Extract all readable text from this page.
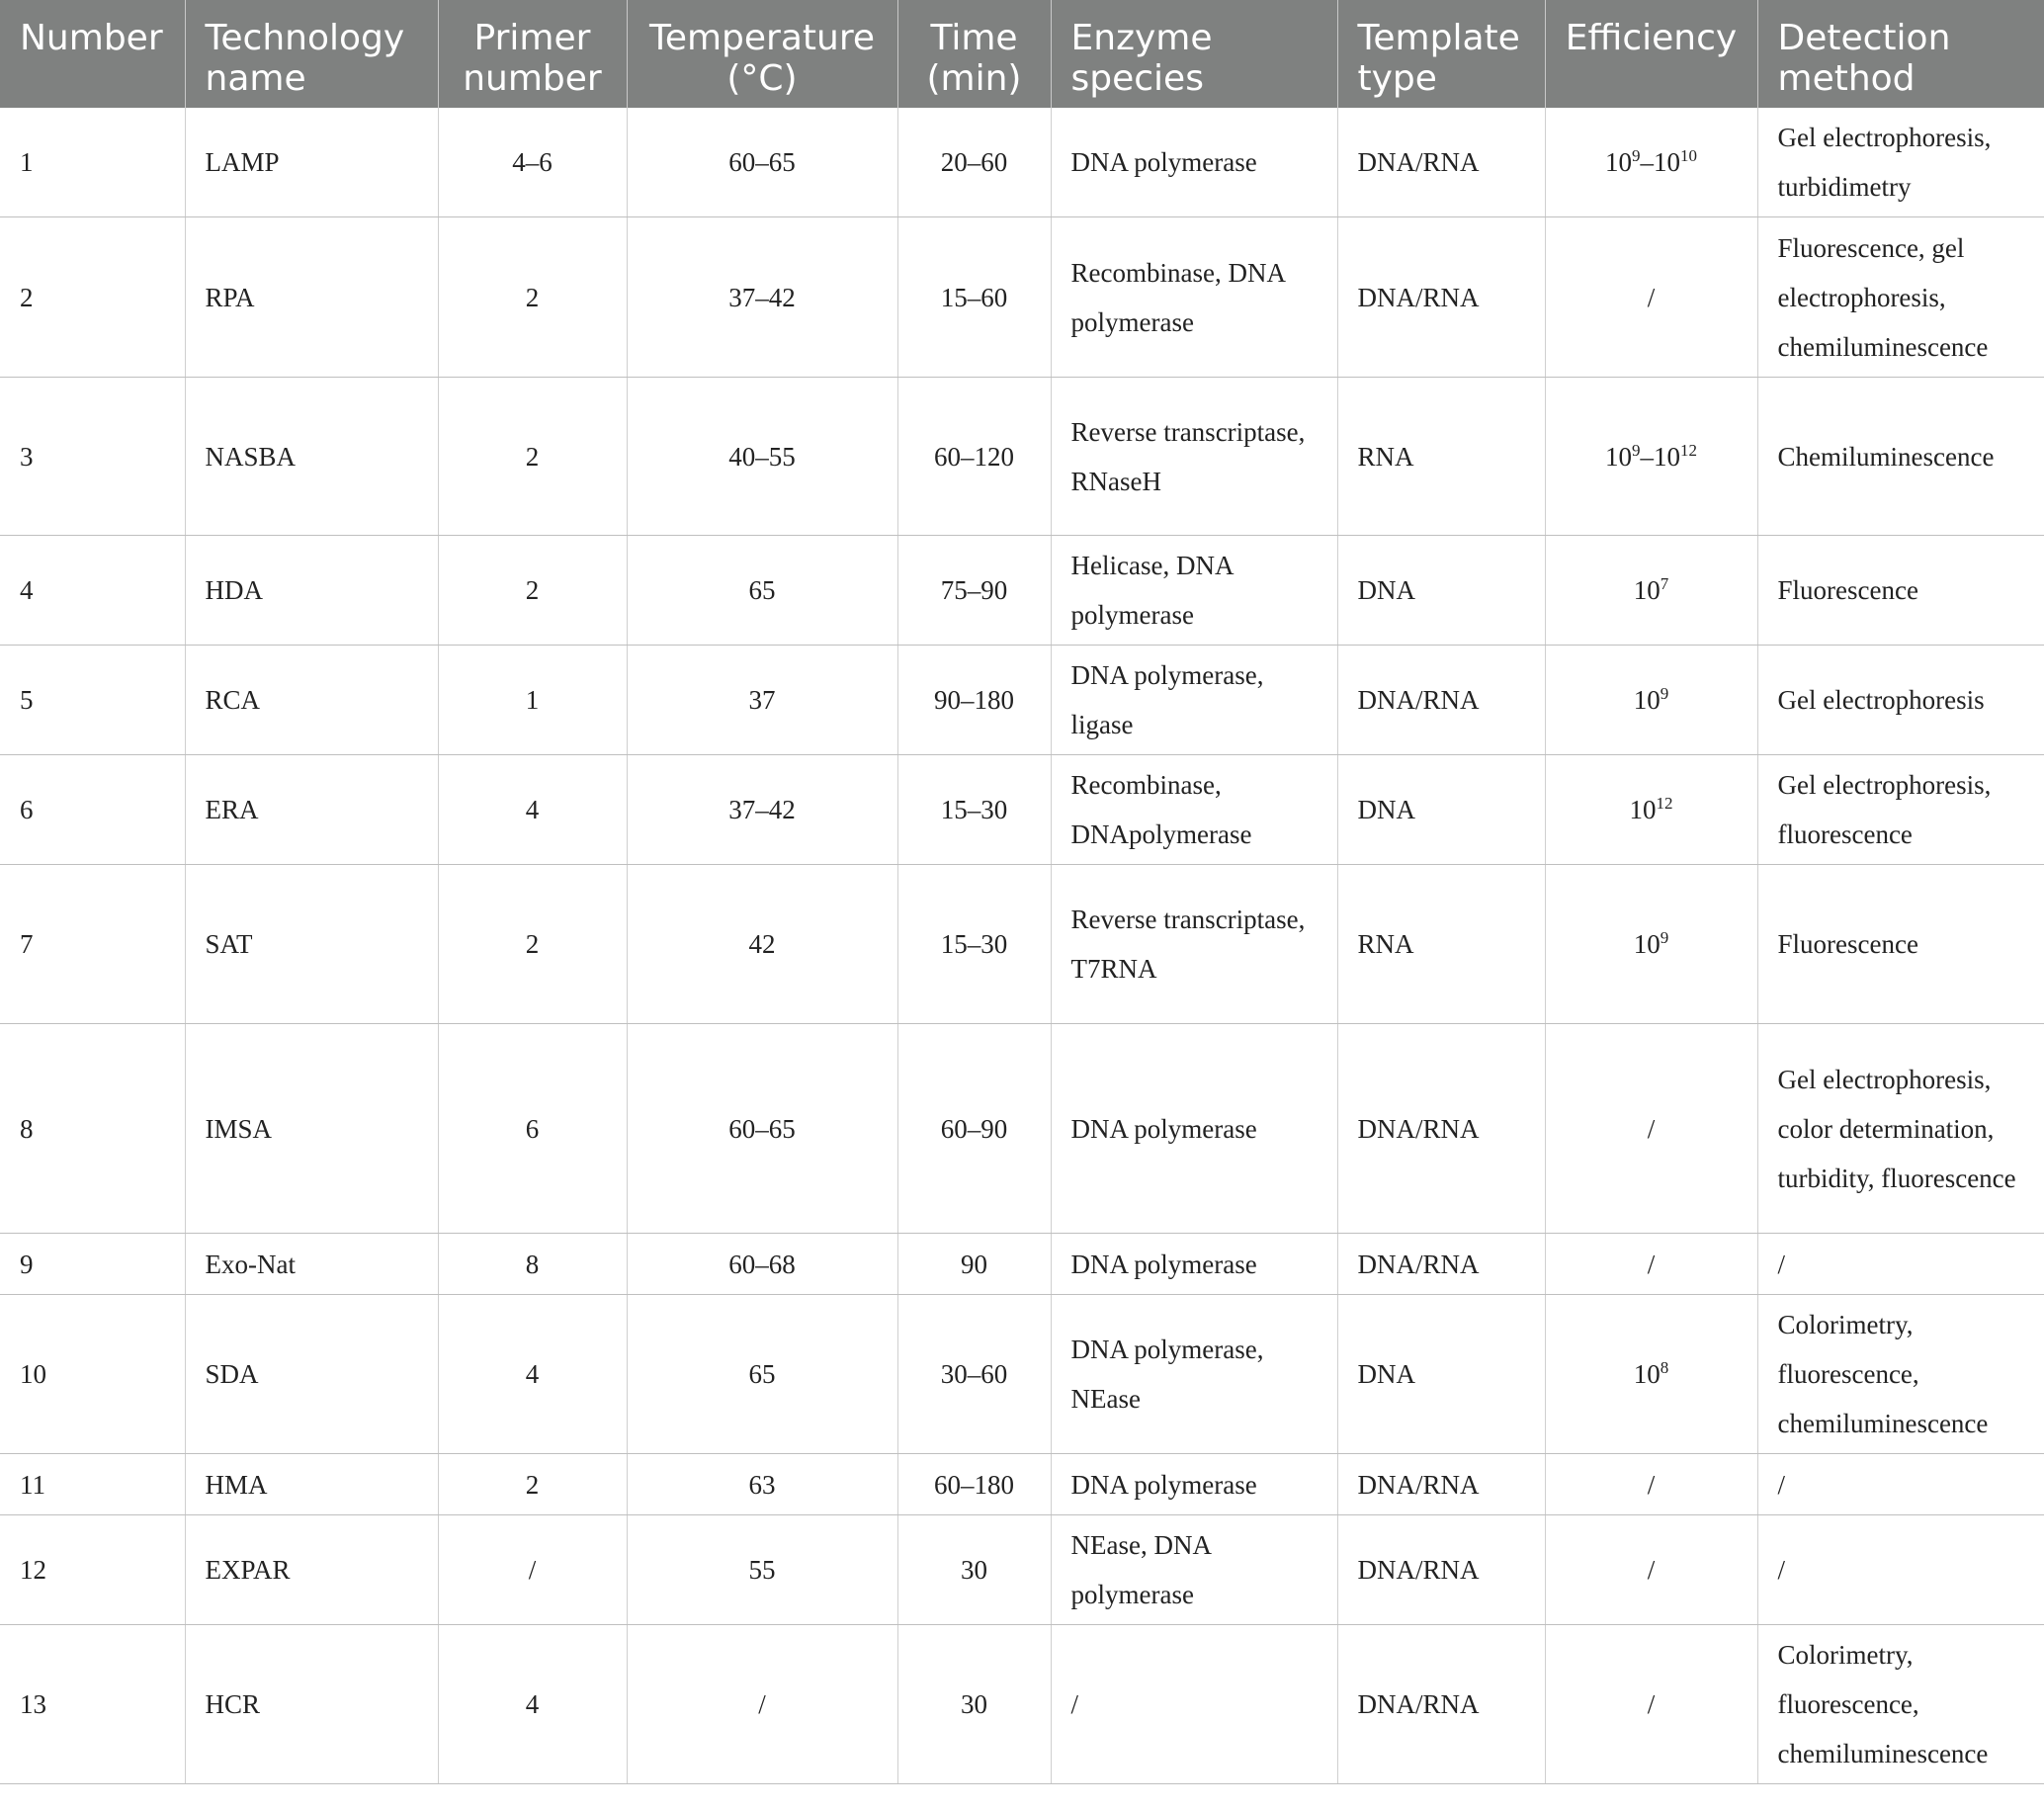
Number	Technology name	Primer number	Temperature (°C)	Time (min)	Enzyme species	Template type	Efficiency	Detection method
1	LAMP	4–6	60–65	20–60	DNA polymerase	DNA/RNA	$10^9-10^{10}$	Gel electrophoresis, turbidimetry
2	RPA	2	37–42	15–60	Recombinase, DNA polymerase	DNA/RNA	/	Fluorescence, gel electrophoresis, chemiluminescence
3	NASBA	2	40–55	60–120	Reverse transcriptase, RNaseH	RNA	$10^9-10^{12}$	Chemiluminescence
4	HDA	2	65	75–90	Helicase, DNA polymerase	DNA	$10^7$	Fluorescence
5	RCA	1	37	90–180	DNA polymerase, ligase	DNA/RNA	$10^9$	Gel electrophoresis
6	ERA	4	37–42	15–30	Recombinase, DNApolymerase	DNA	$10^{12}$	Gel electrophoresis, fluorescence
7	SAT	2	42	15–30	Reverse transcriptase, T7RNA	RNA	$10^9$	Fluorescence
8	IMSA	6	60–65	60–90	DNA polymerase	DNA/RNA	/	Gel electrophoresis, color determination, turbidity, fluorescence
9	Exo-Nat	8	60–68	90	DNA polymerase	DNA/RNA	/	/
10	SDA	4	65	30–60	DNA polymerase, NEase	DNA	$10^8$	Colorimetry, fluorescence, chemiluminescence
11	HMA	2	63	60–180	DNA polymerase	DNA/RNA	/	/
12	EXPAR	/	55	30	NEase, DNA polymerase	DNA/RNA	/	/
13	HCR	4	/	30	/	DNA/RNA	/	Colorimetry, fluorescence, chemiluminescence
